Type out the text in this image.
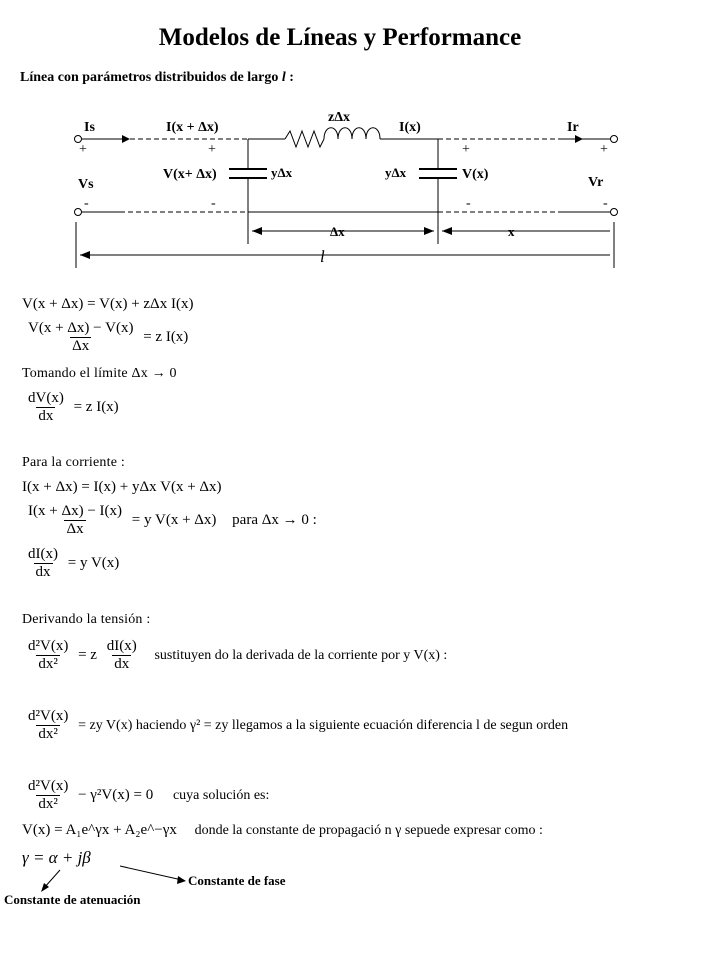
Modelos de Líneas y Performance
Línea con parámetros distribuidos de largo l :
Is	I(x + Δx)
zΔx
I(x)	Ir
+	+	+	+
Vs
V(x+ Δx)	yΔx	yΔx	V(x)
Vr
-	-	-	-
Δx	x
l
V(x + Δx) = V(x) + zΔx I(x)
$\frac{V(x + \Delta x) - V(x)}{\Delta x} = z$ I(x)
Tomando el límite Δx → 0
$\frac{dV(x)}{dx} = z$ I(x)
Para la corriente :
I(x + Δx) = I(x) + yΔx V(x + Δx)
$\frac{I(x + \Delta x) - I(x)}{\Delta x} = y$ V(x + Δx) para Δx → 0 :
$\frac{dI(x)}{dx} = y$ V(x)
Derivando la tensión :
$\frac{\text{d²V(x)}}{\text{dx²}} = z \frac{dI(x)}{dx}$ sustituyen do la derivada de la corriente por y V(x) :
$\frac{\text{d²V(x)}}{\text{dx²}}$ = zy V(x) haciendo γ² = zy llegamos a la siguiente ecuación diferencia l de segun orden
$\frac{\text{d²V(x)}}{\text{dx²}} - \gamma^2V(x) = 0$ cuya solución es:
V(x) = A₁e^γx + A₂e^−γx donde la constante de propagació n γ sepuede expresar como :
γ = α + jβ
Constante de fase
Constante de atenuación
